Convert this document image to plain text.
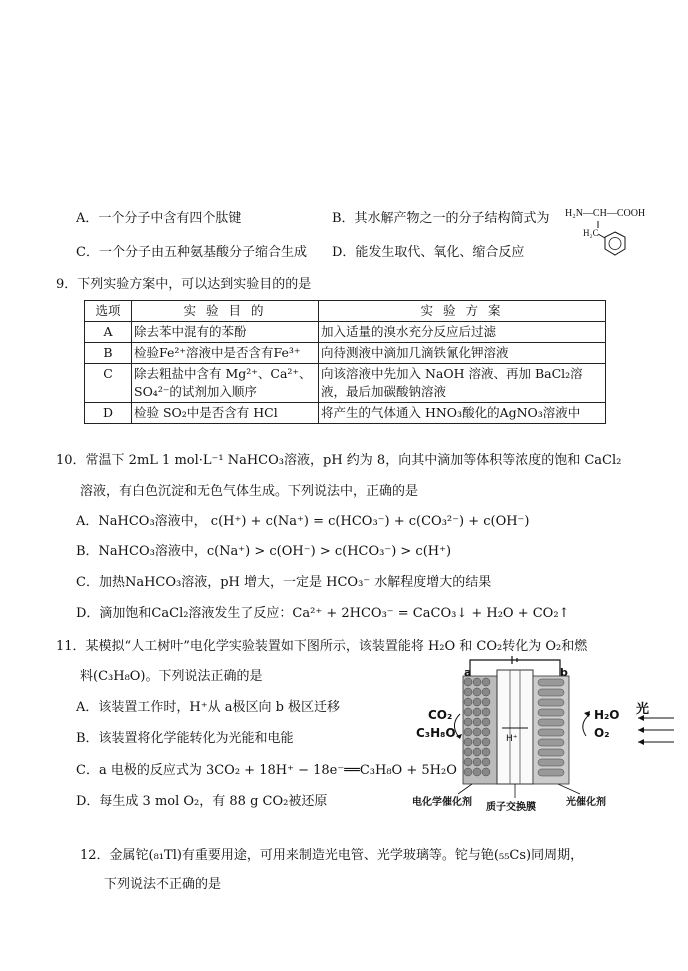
A．一个分子中含有四个肽键	B．其水解产物之一的分子结构简式为 H₂N—CH—COOH
H₂C
C．一个分子由五种氨基酸分子缩合生成 D．能发生取代、氧化、缩合反应
9．下列实验方案中，可以达到实验目的的是
选项	实 验 目 的	实 验 方 案
A	除去苯中混有的苯酚	加入适量的溴水充分反应后过滤
B	检验Fe²⁺溶液中是否含有Fe³⁺	向待测液中滴加几滴铁氰化钾溶液
C	除去粗盐中含有 Mg²⁺、Ca²⁺、SO₄²⁻的试剂加入顺序	向该溶液中先加入 NaOH 溶液、再加 BaCl₂溶液，最后加碳酸钠溶液
D	检验 SO₂中是否含有 HCl	将产生的气体通入 HNO₃酸化的AgNO₃溶液中
10．常温下 2mL 1 mol·L⁻¹ NaHCO₃溶液，pH 约为 8，向其中滴加等体积等浓度的饱和 CaCl₂
溶液，有白色沉淀和无色气体生成。下列说法中，正确的是
A．NaHCO₃溶液中， c(H⁺) + c(Na⁺) = c(HCO₃⁻) + c(CO₃²⁻) + c(OH⁻)
B．NaHCO₃溶液中，c(Na⁺) > c(OH⁻) > c(HCO₃⁻) > c(H⁺)
C．加热NaHCO₃溶液，pH 增大，一定是 HCO₃⁻ 水解程度增大的结果
D．滴加饱和CaCl₂溶液发生了反应：Ca²⁺ + 2HCO₃⁻ = CaCO₃↓ + H₂O + CO₂↑
11．某模拟“人工树叶”电化学实验装置如下图所示，该装置能将 H₂O 和 CO₂转化为 O₂和燃
料(C₃H₈O)。下列说法正确的是
A．该装置工作时，H⁺从 a极区向 b 极区迁移
B．该装置将化学能转化为光能和电能
C．a 电极的反应式为 3CO₂ + 18H⁺ − 18e⁻══C₃H₈O + 5H₂O
D．每生成 3 mol O₂，有 88 g CO₂被还原
a	b
CO₂
C₃H₈O
H₂O
O₂
光
H⁺
电化学催化剂 质子交换膜	光催化剂
12．金属铊(₈₁Tl)有重要用途，可用来制造光电管、光学玻璃等。铊与铯(₅₅Cs)同周期，
下列说法不正确的是
